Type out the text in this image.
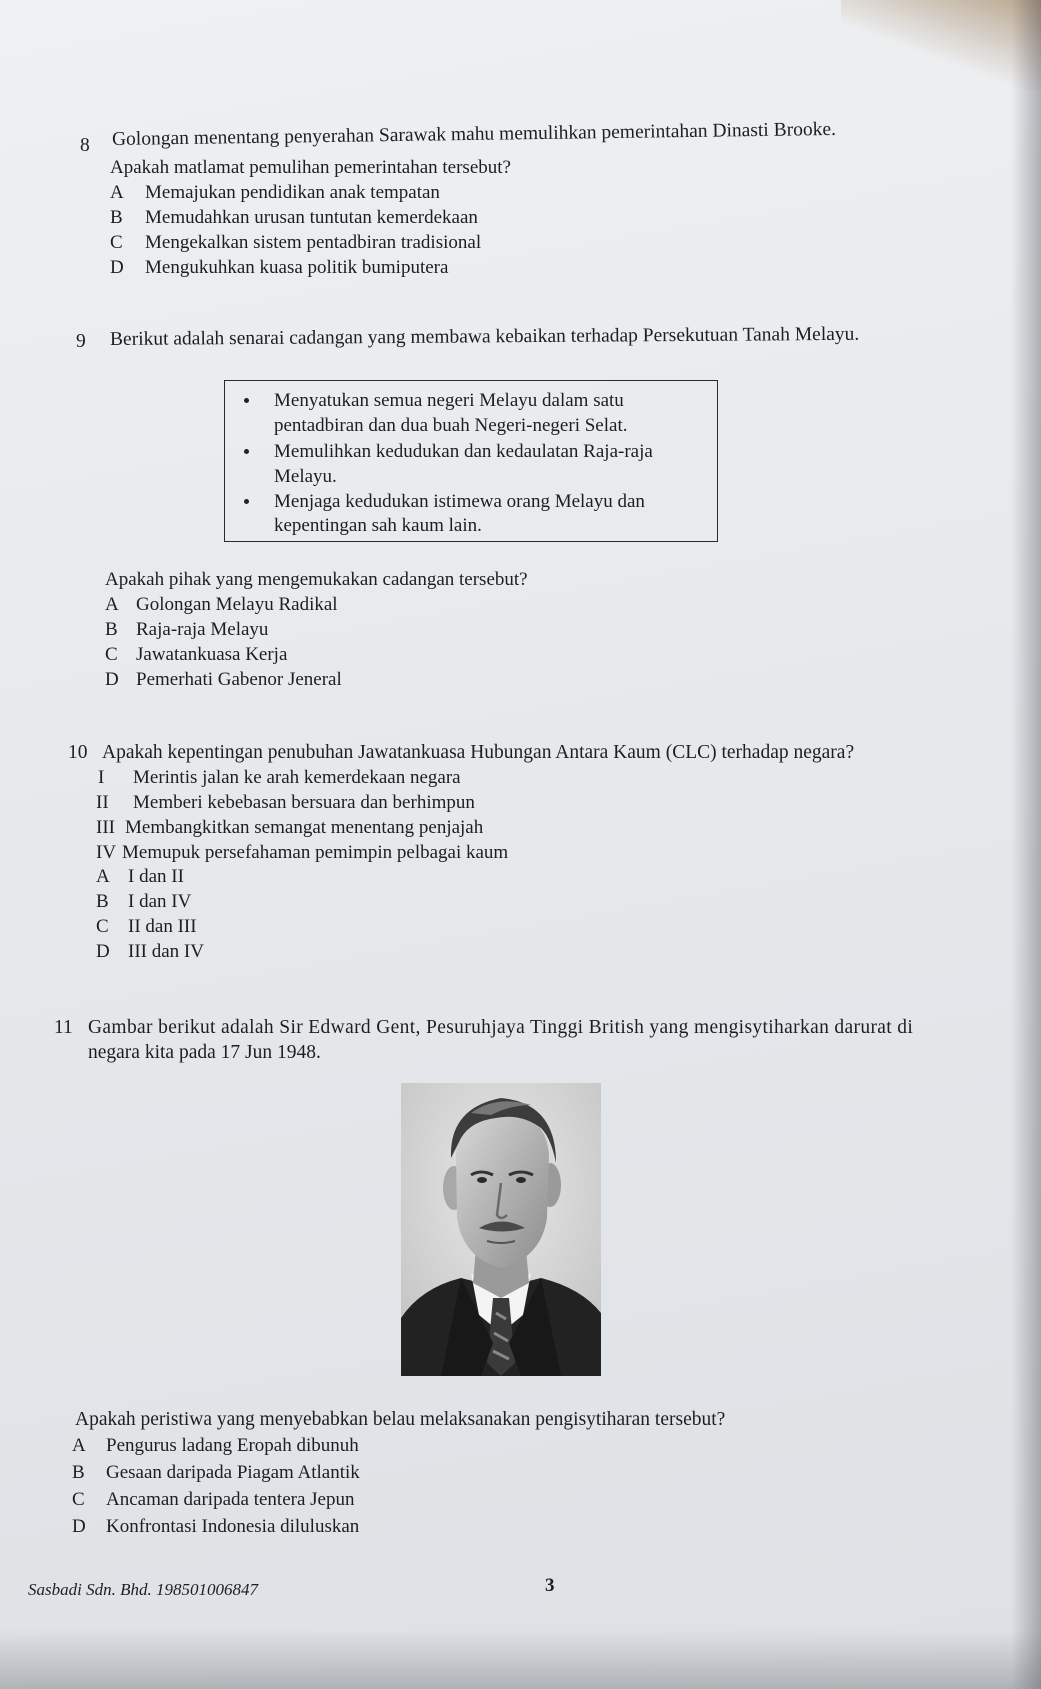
8 Golongan menentang penyerahan Sarawak mahu memulihkan pemerintahan Dinasti Brooke.
Apakah matlamat pemulihan pemerintahan tersebut?
A Memajukan pendidikan anak tempatan
B Memudahkan urusan tuntutan kemerdekaan
C Mengekalkan sistem pentadbiran tradisional
D Mengukuhkan kuasa politik bumiputera
9 Berikut adalah senarai cadangan yang membawa kebaikan terhadap Persekutuan Tanah Melayu.
Menyatukan semua negeri Melayu dalam satu
pentadbiran dan dua buah Negeri-negeri Selat.
Memulihkan kedudukan dan kedaulatan Raja-raja
Melayu.
Menjaga kedudukan istimewa orang Melayu dan
kepentingan sah kaum lain.
Apakah pihak yang mengemukakan cadangan tersebut?
A Golongan Melayu Radikal
B Raja-raja Melayu
C Jawatankuasa Kerja
D Pemerhati Gabenor Jeneral
10 Apakah kepentingan penubuhan Jawatankuasa Hubungan Antara Kaum (CLC) terhadap negara?
I Merintis jalan ke arah kemerdekaan negara
II Memberi kebebasan bersuara dan berhimpun
III Membangkitkan semangat menentang penjajah
IV Memupuk persefahaman pemimpin pelbagai kaum
A I dan II
B I dan IV
C II dan III
D III dan IV
11 Gambar berikut adalah Sir Edward Gent, Pesuruhjaya Tinggi British yang mengisytiharkan darurat di
negara kita pada 17 Jun 1948.
Apakah peristiwa yang menyebabkan belau melaksanakan pengisytiharan tersebut?
A Pengurus ladang Eropah dibunuh
B Gesaan daripada Piagam Atlantik
C Ancaman daripada tentera Jepun
D Konfrontasi Indonesia diluluskan
Sasbadi Sdn. Bhd. 198501006847	3
